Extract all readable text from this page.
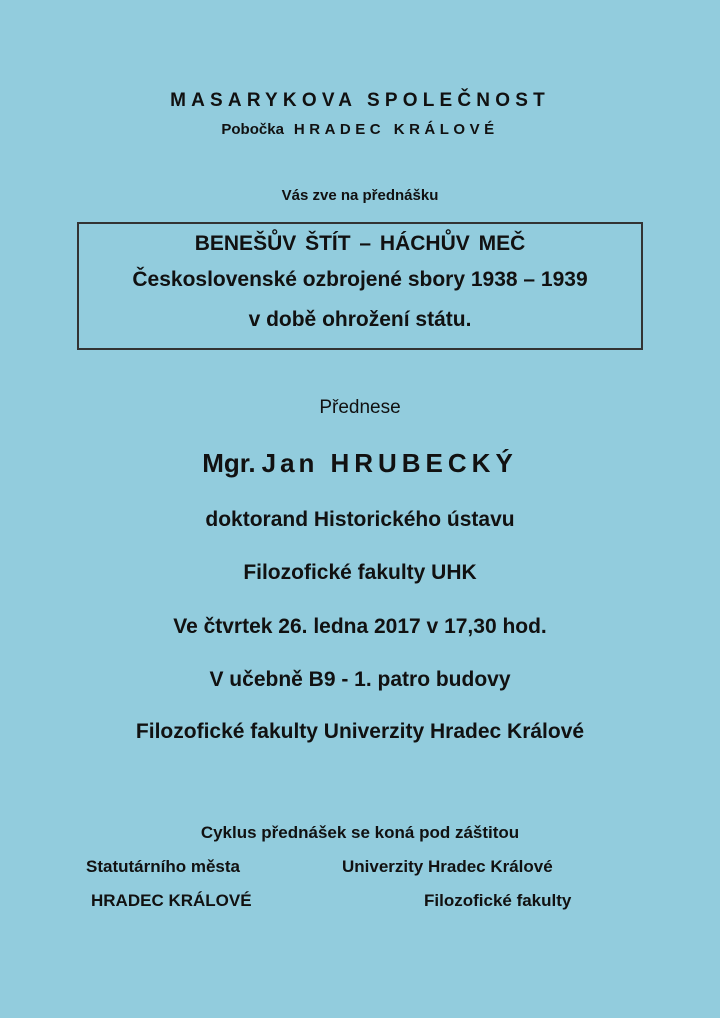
MASARYKOVA SPOLEČNOST
Pobočka HRADEC KRÁLOVÉ
Vás zve na přednášku
BENEŠŮV ŠTÍT – HÁCHŮV MEČ
Československé ozbrojené sbory 1938 – 1939
v době ohrožení státu.
Přednese
Mgr. Jan HRUBECKÝ
doktorand Historického ústavu
Filozofické fakulty UHK
Ve čtvrtek 26. ledna 2017 v 17,30 hod.
V učebně B9 - 1. patro budovy
Filozofické fakulty Univerzity Hradec Králové
Cyklus přednášek se koná pod záštitou
Statutárního města	Univerzity Hradec Králové
HRADEC KRÁLOVÉ	Filozofické fakulty
